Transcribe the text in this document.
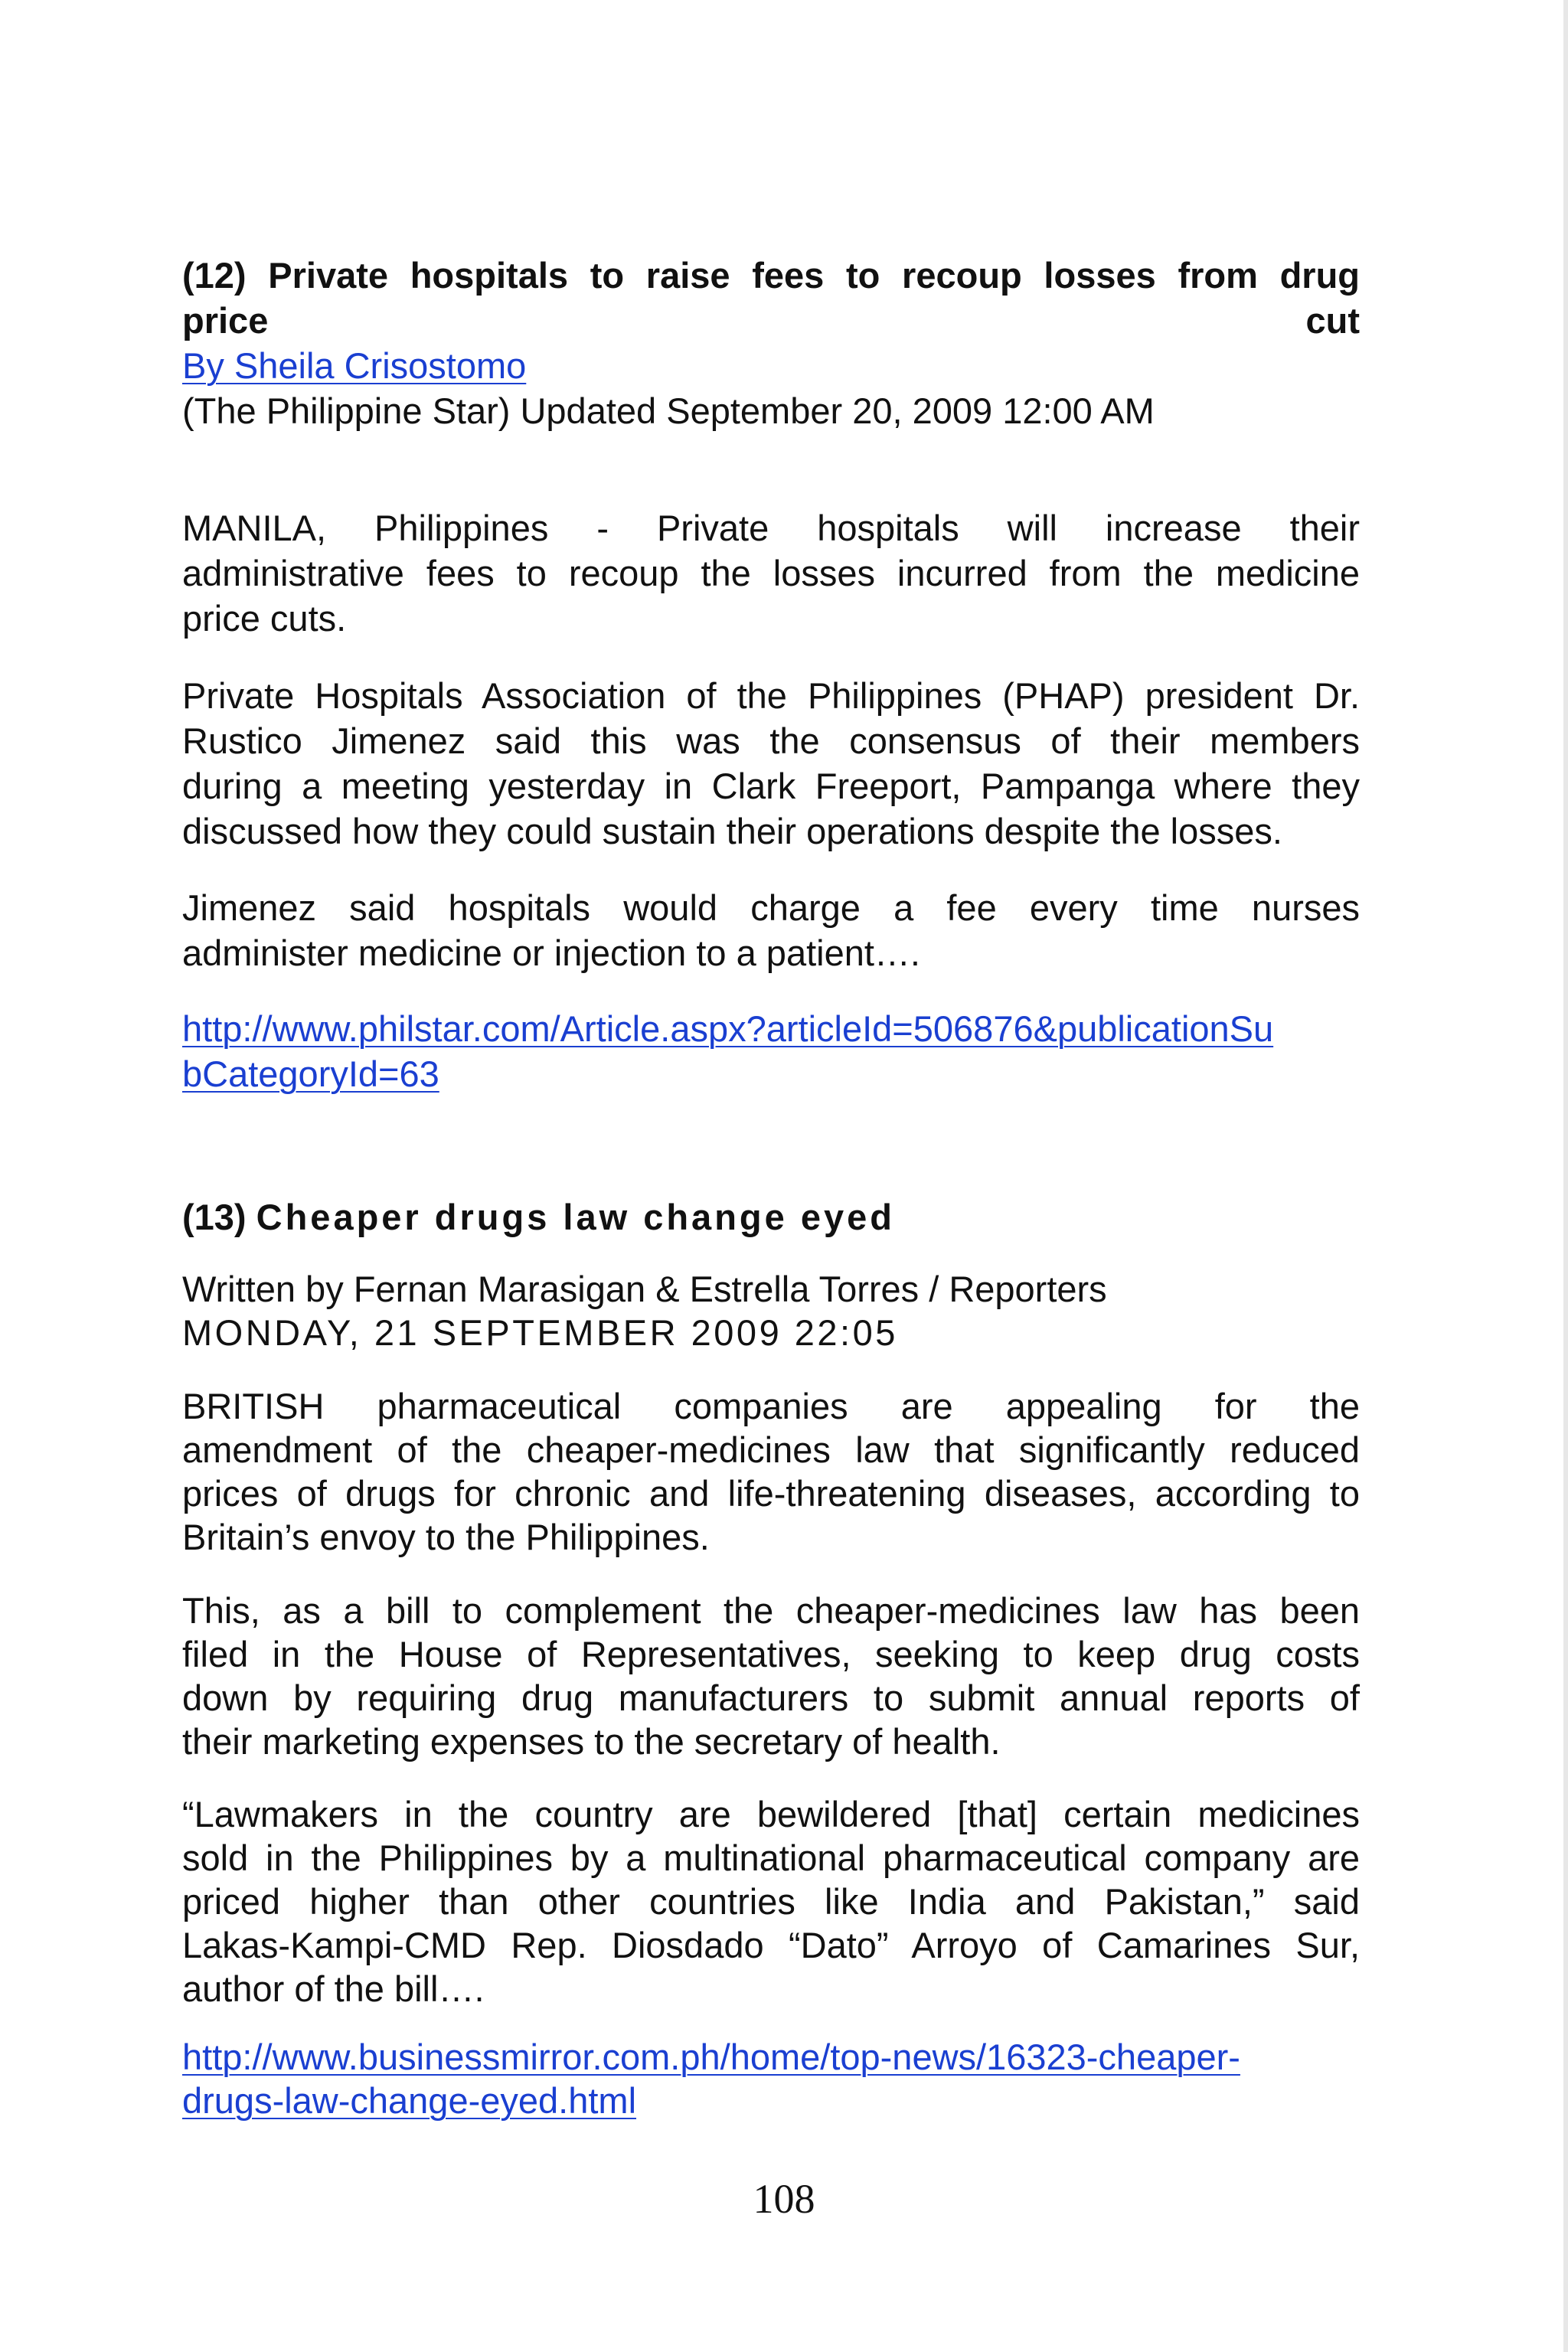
(12) Private hospitals to raise fees to recoup losses from drug
price	cut
By Sheila Crisostomo
(The Philippine Star) Updated September 20, 2009 12:00 AM
MANILA, Philippines - Private hospitals will increase their
administrative fees to recoup the losses incurred from the medicine
price cuts.
Private Hospitals Association of the Philippines (PHAP) president Dr.
Rustico Jimenez said this was the consensus of their members
during a meeting yesterday in Clark Freeport, Pampanga where they
discussed how they could sustain their operations despite the losses.
Jimenez said hospitals would charge a fee every time nurses
administer medicine or injection to a patient….
http://www.philstar.com/Article.aspx?articleId=506876&publicationSu
bCategoryId=63
(13) Cheaper drugs law change eyed
Written by Fernan Marasigan & Estrella Torres / Reporters
MONDAY, 21 SEPTEMBER 2009 22:05
BRITISH pharmaceutical companies are appealing for the
amendment of the cheaper-medicines law that significantly reduced
prices of drugs for chronic and life-threatening diseases, according to
Britain’s envoy to the Philippines.
This, as a bill to complement the cheaper-medicines law has been
filed in the House of Representatives, seeking to keep drug costs
down by requiring drug manufacturers to submit annual reports of
their marketing expenses to the secretary of health.
“Lawmakers in the country are bewildered [that] certain medicines
sold in the Philippines by a multinational pharmaceutical company are
priced higher than other countries like India and Pakistan,” said
Lakas-Kampi-CMD Rep. Diosdado “Dato” Arroyo of Camarines Sur,
author of the bill….
http://www.businessmirror.com.ph/home/top-news/16323-cheaper-
drugs-law-change-eyed.html
108
